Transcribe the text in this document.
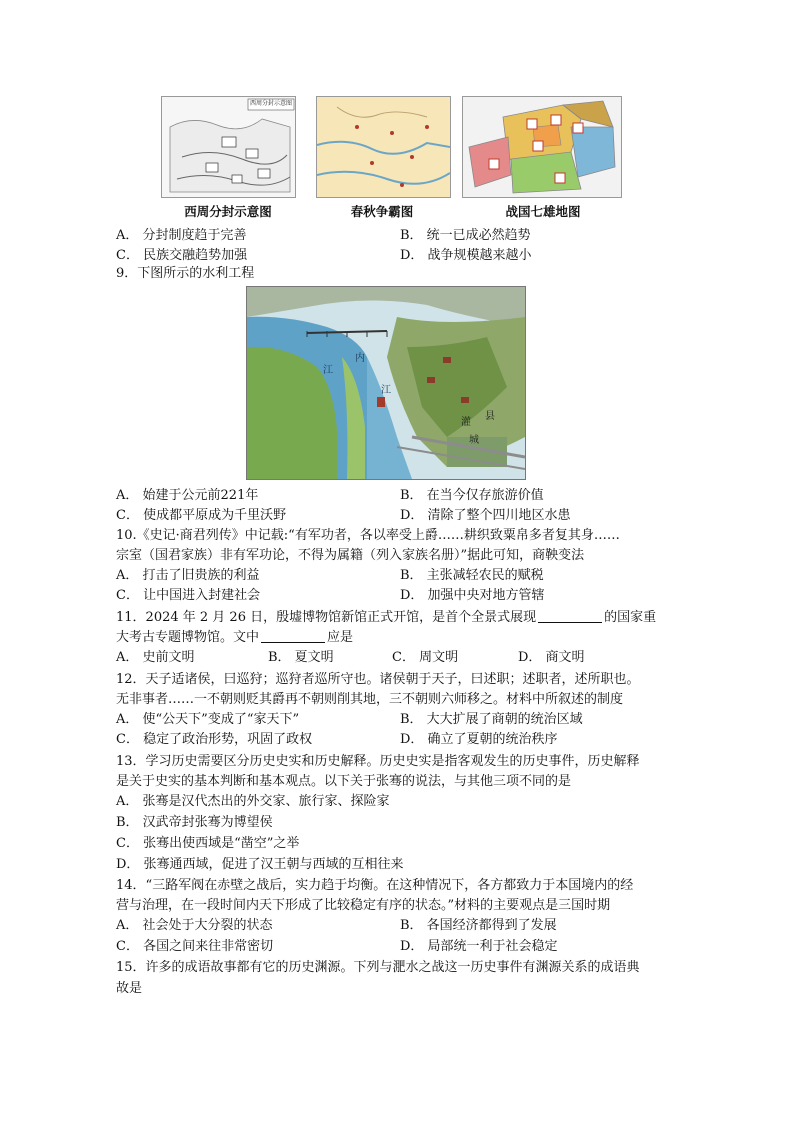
西周分封示意图
西周分封示意图	春秋争霸图	战国七雄地图
A． 分封制度趋于完善	B． 统一已成必然趋势
C． 民族交融趋势加强	D． 战争规模越来越小
9．下图所示的水利工程
江
内
江
灌
县
城
A． 始建于公元前221年	B． 在当今仅存旅游价值
C． 使成都平原成为千里沃野	D． 清除了整个四川地区水患
10.《史记·商君列传》中记载:“有军功者，各以率受上爵……耕织致粟帛多者复其身……
宗室（国君家族）非有军功论，不得为属籍（列入家族名册）”据此可知，商鞅变法
A． 打击了旧贵族的利益	B． 主张减轻农民的赋税
C． 让中国进入封建社会	D． 加强中央对地方管辖
11．2024 年 2 月 26 日，殷墟博物馆新馆正式开馆，是首个全景式展现	的国家重
大考古专题博物馆。文中	应是
A． 史前文明	B． 夏文明	C． 周文明	D． 商文明
12．天子适诸侯，曰巡狩；巡狩者巡所守也。诸侯朝于天子，曰述职；述职者，述所职也。
无非事者……一不朝则贬其爵再不朝则削其地，三不朝则六师移之。材料中所叙述的制度
A． 使“公天下”变成了“家天下”	B． 大大扩展了商朝的统治区域
C． 稳定了政治形势，巩固了政权	D． 确立了夏朝的统治秩序
13．学习历史需要区分历史史实和历史解释。历史史实是指客观发生的历史事件，历史解释
是关于史实的基本判断和基本观点。以下关于张骞的说法，与其他三项不同的是
A． 张骞是汉代杰出的外交家、旅行家、探险家
B． 汉武帝封张骞为博望侯
C． 张骞出使西域是“凿空”之举
D． 张骞通西域，促进了汉王朝与西域的互相往来
14．“三路军阀在赤壁之战后，实力趋于均衡。在这种情况下，各方都致力于本国境内的经
营与治理，在一段时间内天下形成了比较稳定有序的状态。”材料的主要观点是三国时期
A． 社会处于大分裂的状态	B． 各国经济都得到了发展
C． 各国之间来往非常密切	D． 局部统一利于社会稳定
15．许多的成语故事都有它的历史渊源。下列与淝水之战这一历史事件有渊源关系的成语典
故是
